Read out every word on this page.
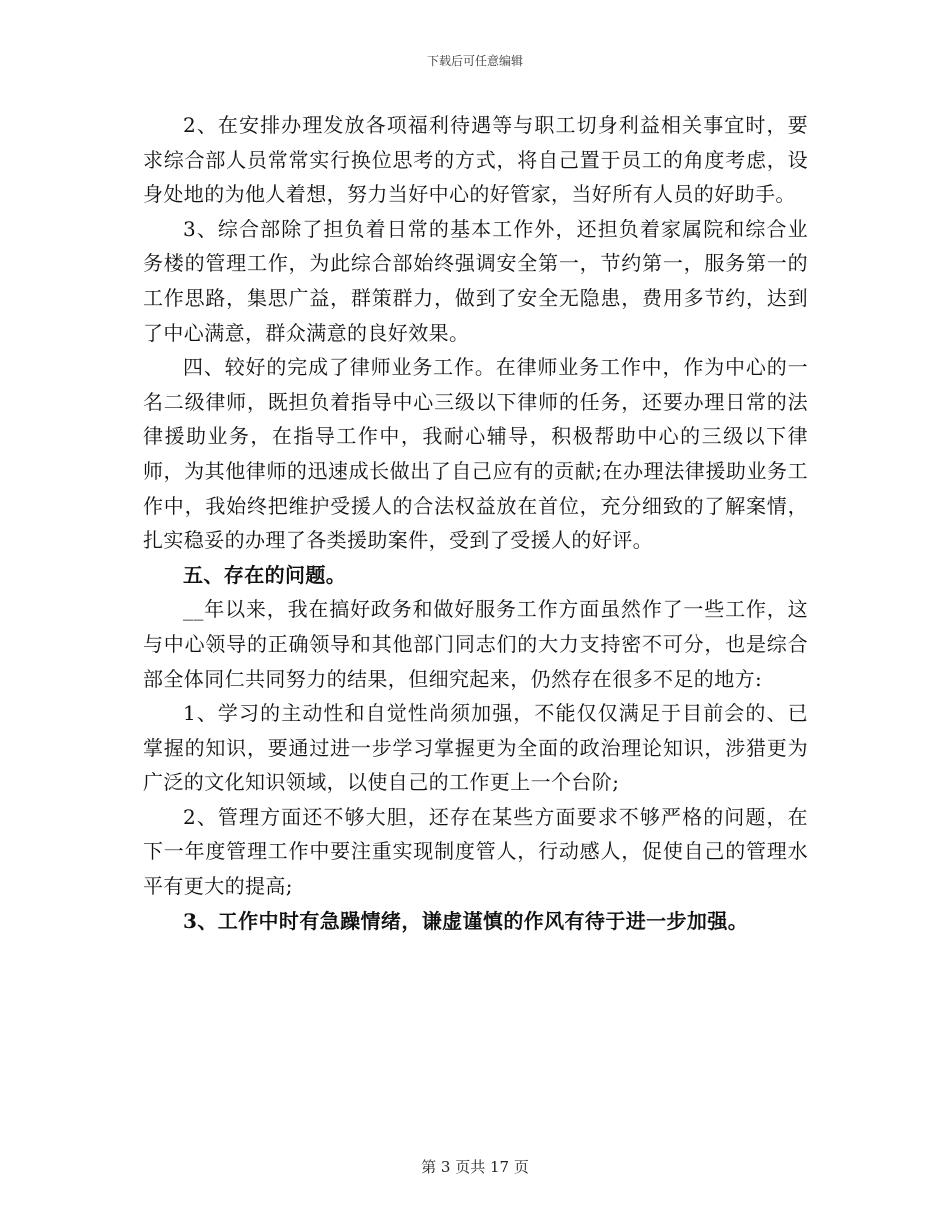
下载后可任意编辑

2、在安排办理发放各项福利待遇等与职工切身利益相关事宜时，要求综合部人员常常实行换位思考的方式，将自己置于员工的角度考虑，设身处地的为他人着想，努力当好中心的好管家，当好所有人员的好助手。

3、综合部除了担负着日常的基本工作外，还担负着家属院和综合业务楼的管理工作，为此综合部始终强调安全第一，节约第一，服务第一的工作思路，集思广益，群策群力，做到了安全无隐患，费用多节约，达到了中心满意，群众满意的良好效果。

四、较好的完成了律师业务工作。在律师业务工作中，作为中心的一名二级律师，既担负着指导中心三级以下律师的任务，还要办理日常的法律援助业务，在指导工作中，我耐心辅导，积极帮助中心的三级以下律师，为其他律师的迅速成长做出了自己应有的贡献;在办理法律援助业务工作中，我始终把维护受援人的合法权益放在首位，充分细致的了解案情，扎实稳妥的办理了各类援助案件，受到了受援人的好评。

五、存在的问题。

__年以来，我在搞好政务和做好服务工作方面虽然作了一些工作，这与中心领导的正确领导和其他部门同志们的大力支持密不可分，也是综合部全体同仁共同努力的结果，但细究起来，仍然存在很多不足的地方:

1、学习的主动性和自觉性尚须加强，不能仅仅满足于目前会的、已掌握的知识，要通过进一步学习掌握更为全面的政治理论知识，涉猎更为广泛的文化知识领域，以使自己的工作更上一个台阶;

2、管理方面还不够大胆，还存在某些方面要求不够严格的问题，在下一年度管理工作中要注重实现制度管人，行动感人，促使自己的管理水平有更大的提高;

3、工作中时有急躁情绪，谦虚谨慎的作风有待于进一步加强。

第 3 页共 17 页
